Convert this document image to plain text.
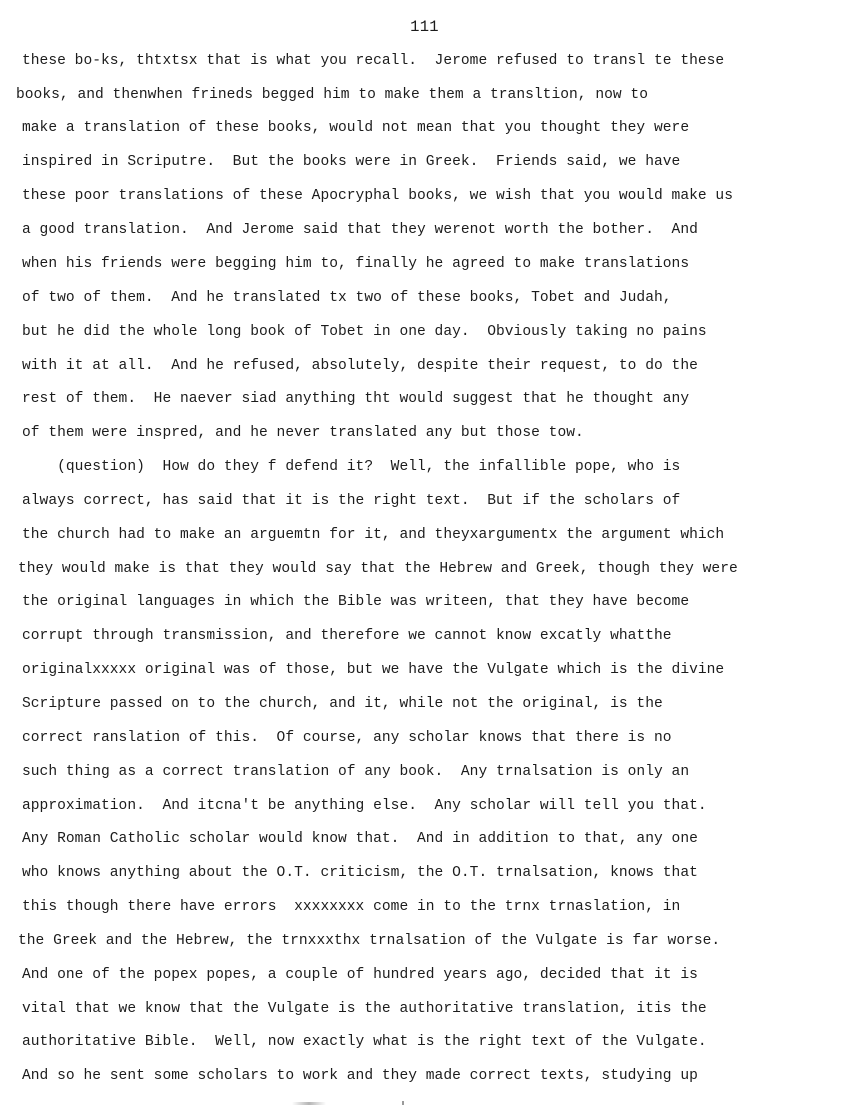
111
these bo-ks, thtxtsx that is what you recall.  Jerome refused to transl te these
books, and thenwhen frineds begged him to make them a transltion, now to
make a translation of these books, would not mean that you thought they were
inspired in Scriputre.  But the books were in Greek.  Friends said, we have
these poor translations of these Apocryphal books, we wish that you would make us
a good translation.  And Jerome said that they werenot worth the bother.  And
when his friends were begging him to, finally he agreed to make translations
of two of them.  And he translated tx two of these books, Tobet and Judah,
but he did the whole long book of Tobet in one day.  Obviously taking no pains
with it at all.  And he refused, absolutely, despite their request, to do the
rest of them.  He naever siad anything tht would suggest that he thought any
of them were inspred, and he never translated any but those tow.
(question)  How do they f defend it?  Well, the infallible pope, who is
always correct, has said that it is the right text.  But if the scholars of
the church had to make an arguemtn for it, and theyxargumentx the argument which
they would make is that they would say that the Hebrew and Greek, though they were
the original languages in which the Bible was writeen, that they have become
corrupt through transmission, and therefore we cannot know excatly whatthe
originalxxxxx original was of those, but we have the Vulgate which is the divine
Scripture passed on to the church, and it, while not the original, is the
correct ranslation of this.  Of course, any scholar knows that there is no
such thing as a correct translation of any book.  Any trnalsation is only an
approximation.  And itcna't be anything else.  Any scholar will tell you that.
Any Roman Catholic scholar would know that.  And in addition to that, any one
who knows anything about the O.T. criticism, the O.T. trnalsation, knows that
this though there have errors  xxxxxxxx come in to the trnx trnaslation, in
the Greek and the Hebrew, the trnxxxthx trnalsation of the Vulgate is far worse.
And one of the popex popes, a couple of hundred years ago, decided that it is
vital that we know that the Vulgate is the authoritative translation, itis the
authoritative Bible.  Well, now exactly what is the right text of the Vulgate.
And so he sent some scholars to work and they made correct texts, studying up
